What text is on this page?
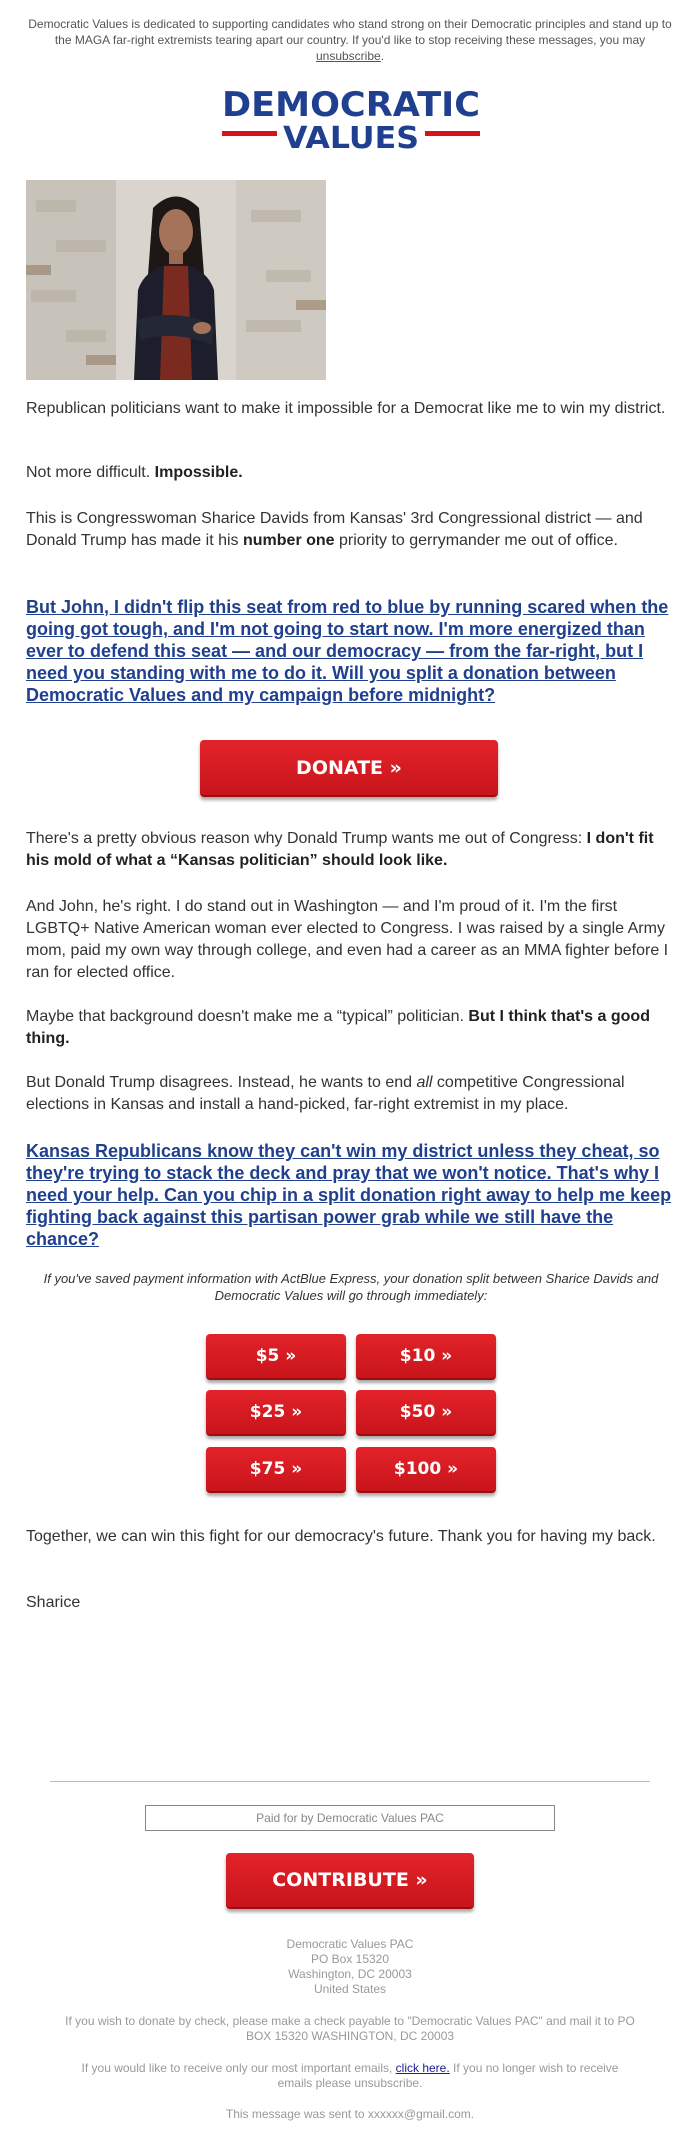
Democratic Values is dedicated to supporting candidates who stand strong on their Democratic principles and stand up to the MAGA far-right extremists tearing apart our country. If you'd like to stop receiving these messages, you may unsubscribe.
DEMOCRATIC
VALUES

Republican politicians want to make it impossible for a Democrat like me to win my district.

Not more difficult. Impossible.

This is Congresswoman Sharice Davids from Kansas' 3rd Congressional district — and Donald Trump has made it his number one priority to gerrymander me out of office.

But John, I didn't flip this seat from red to blue by running scared when the going got tough, and I'm not going to start now. I'm more energized than ever to defend this seat — and our democracy — from the far-right, but I need you standing with me to do it. Will you split a donation between Democratic Values and my campaign before midnight?

DONATE »

There's a pretty obvious reason why Donald Trump wants me out of Congress: I don't fit his mold of what a “Kansas politician” should look like.

And John, he's right. I do stand out in Washington — and I'm proud of it. I'm the first LGBTQ+ Native American woman ever elected to Congress. I was raised by a single Army mom, paid my own way through college, and even had a career as an MMA fighter before I ran for elected office.

Maybe that background doesn't make me a “typical” politician. But I think that's a good thing.

But Donald Trump disagrees. Instead, he wants to end all competitive Congressional elections in Kansas and install a hand-picked, far-right extremist in my place.

Kansas Republicans know they can't win my district unless they cheat, so they're trying to stack the deck and pray that we won't notice. That's why I need your help. Can you chip in a split donation right away to help me keep fighting back against this partisan power grab while we still have the chance?

If you've saved payment information with ActBlue Express, your donation split between Sharice Davids and Democratic Values will go through immediately:
$5 »	$10 »
$25 »	$50 »
$75 »	$100 »

Together, we can win this fight for our democracy's future. Thank you for having my back.

Sharice

Paid for by Democratic Values PAC
CONTRIBUTE »
Democratic Values PAC
PO Box 15320
Washington, DC 20003
United States
If you wish to donate by check, please make a check payable to "Democratic Values PAC" and mail it to PO BOX 15320 WASHINGTON, DC 20003
If you would like to receive only our most important emails, click here. If you no longer wish to receive emails please unsubscribe.
This message was sent to xxxxxx@gmail.com.
